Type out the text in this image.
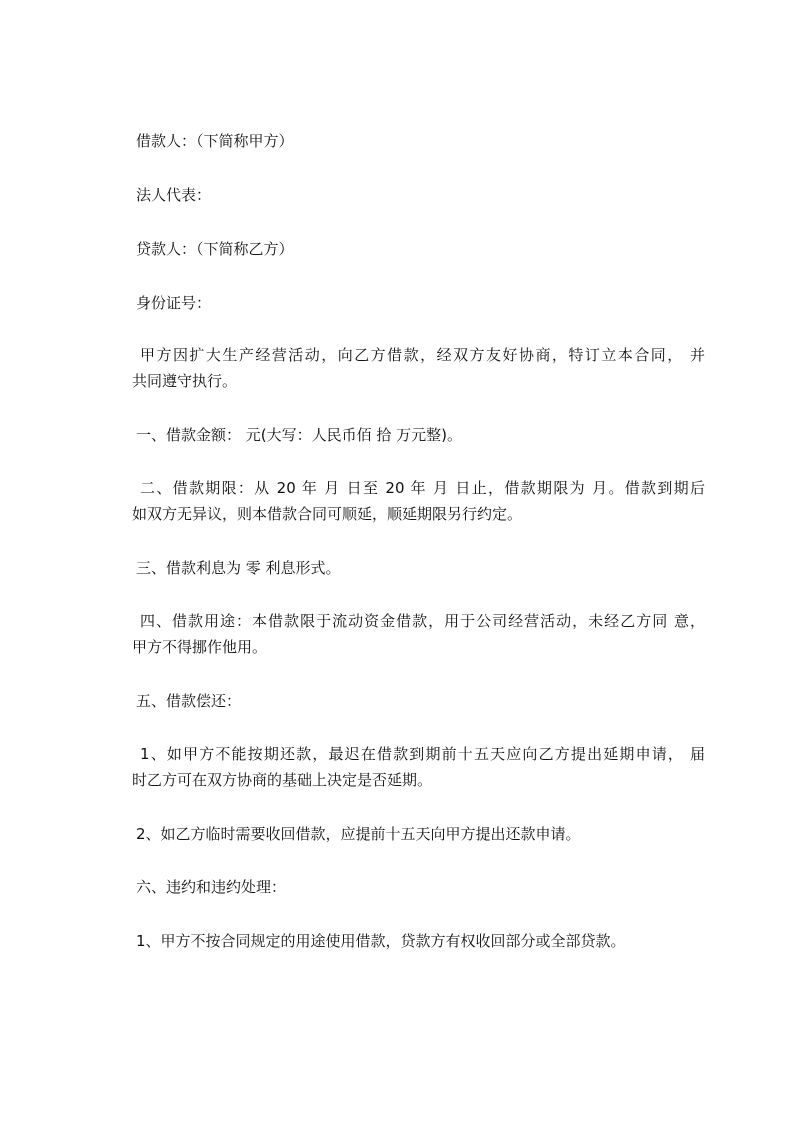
借款人：（下简称甲方）

法人代表：

贷款人：（下简称乙方）

身份证号：

甲方因扩大生产经营活动，向乙方借款，经双方友好协商，特订立本合同， 并
共同遵守执行。

一、借款金额： 元(大写：人民币佰 拾 万元整)。

二、借款期限：从 20 年 月 日至 20 年 月 日止，借款期限为 月。借款到期后
如双方无异议，则本借款合同可顺延，顺延期限另行约定。

三、借款利息为 零 利息形式。

四、借款用途：本借款限于流动资金借款，用于公司经营活动，未经乙方同 意，
甲方不得挪作他用。

五、借款偿还：

1、如甲方不能按期还款，最迟在借款到期前十五天应向乙方提出延期申请， 届
时乙方可在双方协商的基础上决定是否延期。

2、如乙方临时需要收回借款，应提前十五天向甲方提出还款申请。

六、违约和违约处理：

1、甲方不按合同规定的用途使用借款，贷款方有权收回部分或全部贷款。
